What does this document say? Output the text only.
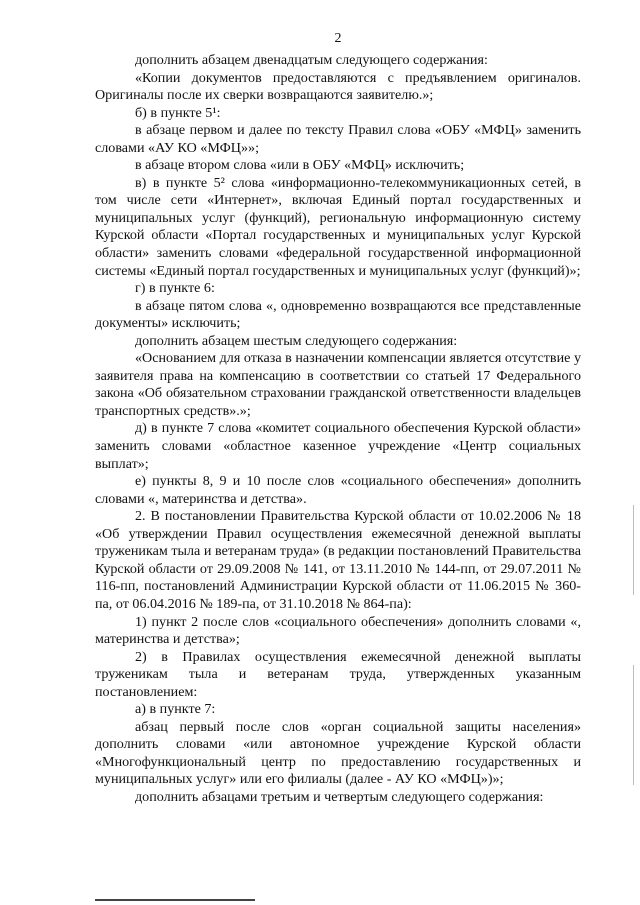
2

дополнить абзацем двенадцатым следующего содержания:

«Копии документов предоставляются с предъявлением оригиналов. Оригиналы после их сверки возвращаются заявителю.»;

б) в пункте 5¹:

в абзаце первом и далее по тексту Правил слова «ОБУ «МФЦ» заменить словами «АУ КО «МФЦ»»;

в абзаце втором слова «или в ОБУ «МФЦ» исключить;

в) в пункте 5² слова «информационно-телекоммуникационных сетей, в том числе сети «Интернет», включая Единый портал государственных и муниципальных услуг (функций), региональную информационную систему Курской области «Портал государственных и муниципальных услуг Курской области» заменить словами «федеральной государственной информационной системы «Единый портал государственных и муниципальных услуг (функций)»;

г) в пункте 6:

в абзаце пятом слова «, одновременно возвращаются все представленные документы» исключить;

дополнить абзацем шестым следующего содержания:

«Основанием для отказа в назначении компенсации является отсутствие у заявителя права на компенсацию в соответствии со статьей 17 Федерального закона «Об обязательном страховании гражданской ответственности владельцев транспортных средств».»;

д) в пункте 7 слова «комитет социального обеспечения Курской области» заменить словами «областное казенное учреждение «Центр социальных выплат»;

е) пункты 8, 9 и 10 после слов «социального обеспечения» дополнить словами «, материнства и детства».

2. В постановлении Правительства Курской области от 10.02.2006 № 18 «Об утверждении Правил осуществления ежемесячной денежной выплаты труженикам тыла и ветеранам труда» (в редакции постановлений Правительства Курской области от 29.09.2008 № 141, от 13.11.2010 № 144-пп, от 29.07.2011 № 116-пп, постановлений Администрации Курской области от 11.06.2015 № 360-па, от 06.04.2016 № 189-па, от 31.10.2018 № 864-па):

1) пункт 2 после слов «социального обеспечения» дополнить словами «, материнства и детства»;

2) в Правилах осуществления ежемесячной денежной выплаты труженикам тыла и ветеранам труда, утвержденных указанным постановлением:

а) в пункте 7:

абзац первый после слов «орган социальной защиты населения» дополнить словами «или автономное учреждение Курской области «Многофункциональный центр по предоставлению государственных и муниципальных услуг» или его филиалы (далее - АУ КО «МФЦ»)»;

дополнить абзацами третьим и четвертым следующего содержания:
